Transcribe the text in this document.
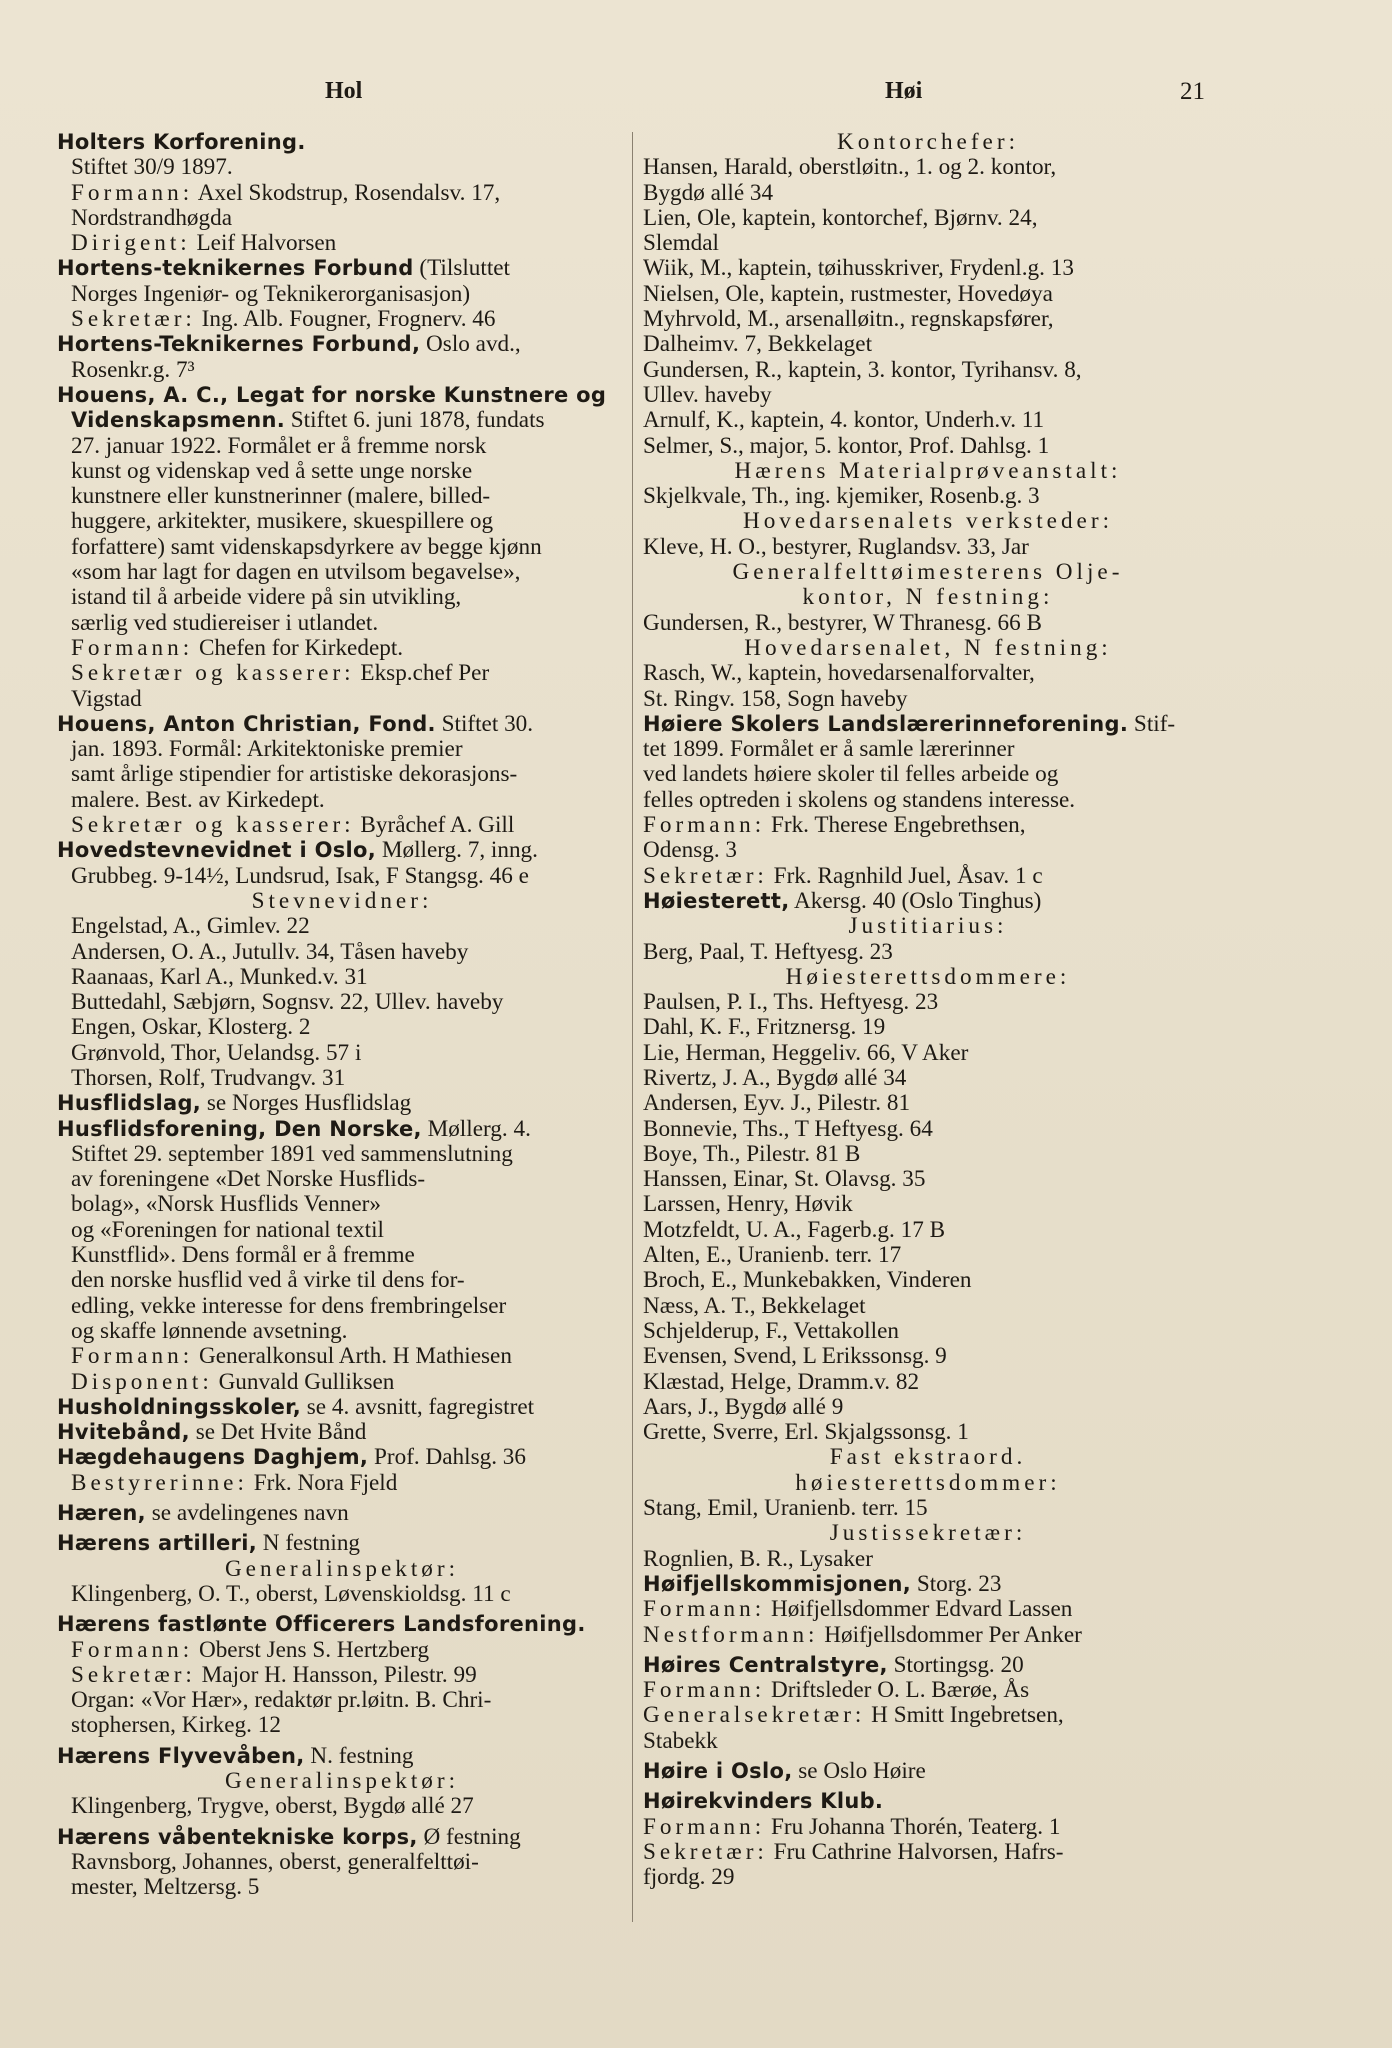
Hol	Høi	21
Holters Korforening.
Stiftet 30/9 1897.
Formann: Axel Skodstrup, Rosendalsv. 17,
Nordstrandhøgda
Dirigent: Leif Halvorsen
Hortens-teknikernes Forbund (Tilsluttet
Norges Ingeniør- og Teknikerorganisasjon)
Sekretær: Ing. Alb. Fougner, Frognerv. 46
Hortens-Teknikernes Forbund, Oslo avd.,
Rosenkr.g. 7³
Houens, A. C., Legat for norske Kunstnere og
Videnskapsmenn. Stiftet 6. juni 1878, fundats
27. januar 1922. Formålet er å fremme norsk
kunst og videnskap ved å sette unge norske
kunstnere eller kunstnerinner (malere, billed-
huggere, arkitekter, musikere, skuespillere og
forfattere) samt videnskapsdyrkere av begge kjønn
«som har lagt for dagen en utvilsom begavelse»,
istand til å arbeide videre på sin utvikling,
særlig ved studiereiser i utlandet.
Formann: Chefen for Kirkedept.
Sekretær og kasserer: Eksp.chef Per
Vigstad
Houens, Anton Christian, Fond. Stiftet 30.
jan. 1893. Formål: Arkitektoniske premier
samt årlige stipendier for artistiske dekorasjons-
malere. Best. av Kirkedept.
Sekretær og kasserer: Byråchef A. Gill
Hovedstevnevidnet i Oslo, Møllerg. 7, inng.
Grubbeg. 9-14½, Lundsrud, Isak, F Stangsg. 46 e
Stevnevidner:
Engelstad, A., Gimlev. 22
Andersen, O. A., Jutullv. 34, Tåsen haveby
Raanaas, Karl A., Munked.v. 31
Buttedahl, Sæbjørn, Sognsv. 22, Ullev. haveby
Engen, Oskar, Klosterg. 2
Grønvold, Thor, Uelandsg. 57 i
Thorsen, Rolf, Trudvangv. 31
Husflidslag, se Norges Husflidslag
Husflidsforening, Den Norske, Møllerg. 4.
Stiftet 29. september 1891 ved sammenslutning
av foreningene «Det Norske Husflids-
bolag», «Norsk Husflids Venner»
og «Foreningen for national textil
Kunstflid». Dens formål er å fremme
den norske husflid ved å virke til dens for-
edling, vekke interesse for dens frembringelser
og skaffe lønnende avsetning.
Formann: Generalkonsul Arth. H Mathiesen
Disponent: Gunvald Gulliksen
Husholdningsskoler, se 4. avsnitt, fagregistret
Hvitebånd, se Det Hvite Bånd
Hægdehaugens Daghjem, Prof. Dahlsg. 36
Bestyrerinne: Frk. Nora Fjeld
Hæren, se avdelingenes navn
Hærens artilleri, N festning
Generalinspektør:
Klingenberg, O. T., oberst, Løvenskioldsg. 11 c
Hærens fastlønte Officerers Landsforening.
Formann: Oberst Jens S. Hertzberg
Sekretær: Major H. Hansson, Pilestr. 99
Organ: «Vor Hær», redaktør pr.løitn. B. Chri-
stophersen, Kirkeg. 12
Hærens Flyvevåben, N. festning
Generalinspektør:
Klingenberg, Trygve, oberst, Bygdø allé 27
Hærens våbentekniske korps, Ø festning
Ravnsborg, Johannes, oberst, generalfelttøi-
mester, Meltzersg. 5
Kontorchefer:
Hansen, Harald, oberstløitn., 1. og 2. kontor,
Bygdø allé 34
Lien, Ole, kaptein, kontorchef, Bjørnv. 24,
Slemdal
Wiik, M., kaptein, tøihusskriver, Frydenl.g. 13
Nielsen, Ole, kaptein, rustmester, Hovedøya
Myhrvold, M., arsenalløitn., regnskapsfører,
Dalheimv. 7, Bekkelaget
Gundersen, R., kaptein, 3. kontor, Tyrihansv. 8,
Ullev. haveby
Arnulf, K., kaptein, 4. kontor, Underh.v. 11
Selmer, S., major, 5. kontor, Prof. Dahlsg. 1
Hærens Materialprøveanstalt:
Skjelkvale, Th., ing. kjemiker, Rosenb.g. 3
Hovedarsenalets verksteder:
Kleve, H. O., bestyrer, Ruglandsv. 33, Jar
Generalfelttøimesterens Olje-
kontor, N festning:
Gundersen, R., bestyrer, W Thranesg. 66 B
Hovedarsenalet, N festning:
Rasch, W., kaptein, hovedarsenalforvalter,
St. Ringv. 158, Sogn haveby
Høiere Skolers Landslærerinneforening. Stif-
tet 1899. Formålet er å samle lærerinner
ved landets høiere skoler til felles arbeide og
felles optreden i skolens og standens interesse.
Formann: Frk. Therese Engebrethsen,
Odensg. 3
Sekretær: Frk. Ragnhild Juel, Åsav. 1 c
Høiesterett, Akersg. 40 (Oslo Tinghus)
Justitiarius:
Berg, Paal, T. Heftyesg. 23
Høiesterettsdommere:
Paulsen, P. I., Ths. Heftyesg. 23
Dahl, K. F., Fritznersg. 19
Lie, Herman, Heggeliv. 66, V Aker
Rivertz, J. A., Bygdø allé 34
Andersen, Eyv. J., Pilestr. 81
Bonnevie, Ths., T Heftyesg. 64
Boye, Th., Pilestr. 81 B
Hanssen, Einar, St. Olavsg. 35
Larssen, Henry, Høvik
Motzfeldt, U. A., Fagerb.g. 17 B
Alten, E., Uranienb. terr. 17
Broch, E., Munkebakken, Vinderen
Næss, A. T., Bekkelaget
Schjelderup, F., Vettakollen
Evensen, Svend, L Erikssonsg. 9
Klæstad, Helge, Dramm.v. 82
Aars, J., Bygdø allé 9
Grette, Sverre, Erl. Skjalgssonsg. 1
Fast ekstraord.
høiesterettsdommer:
Stang, Emil, Uranienb. terr. 15
Justissekretær:
Rognlien, B. R., Lysaker
Høifjellskommisjonen, Storg. 23
Formann: Høifjellsdommer Edvard Lassen
Nestformann: Høifjellsdommer Per Anker
Høires Centralstyre, Stortingsg. 20
Formann: Driftsleder O. L. Bærøe, Ås
Generalsekretær: H Smitt Ingebretsen,
Stabekk
Høire i Oslo, se Oslo Høire
Høirekvinders Klub.
Formann: Fru Johanna Thorén, Teaterg. 1
Sekretær: Fru Cathrine Halvorsen, Hafrs-
fjordg. 29
